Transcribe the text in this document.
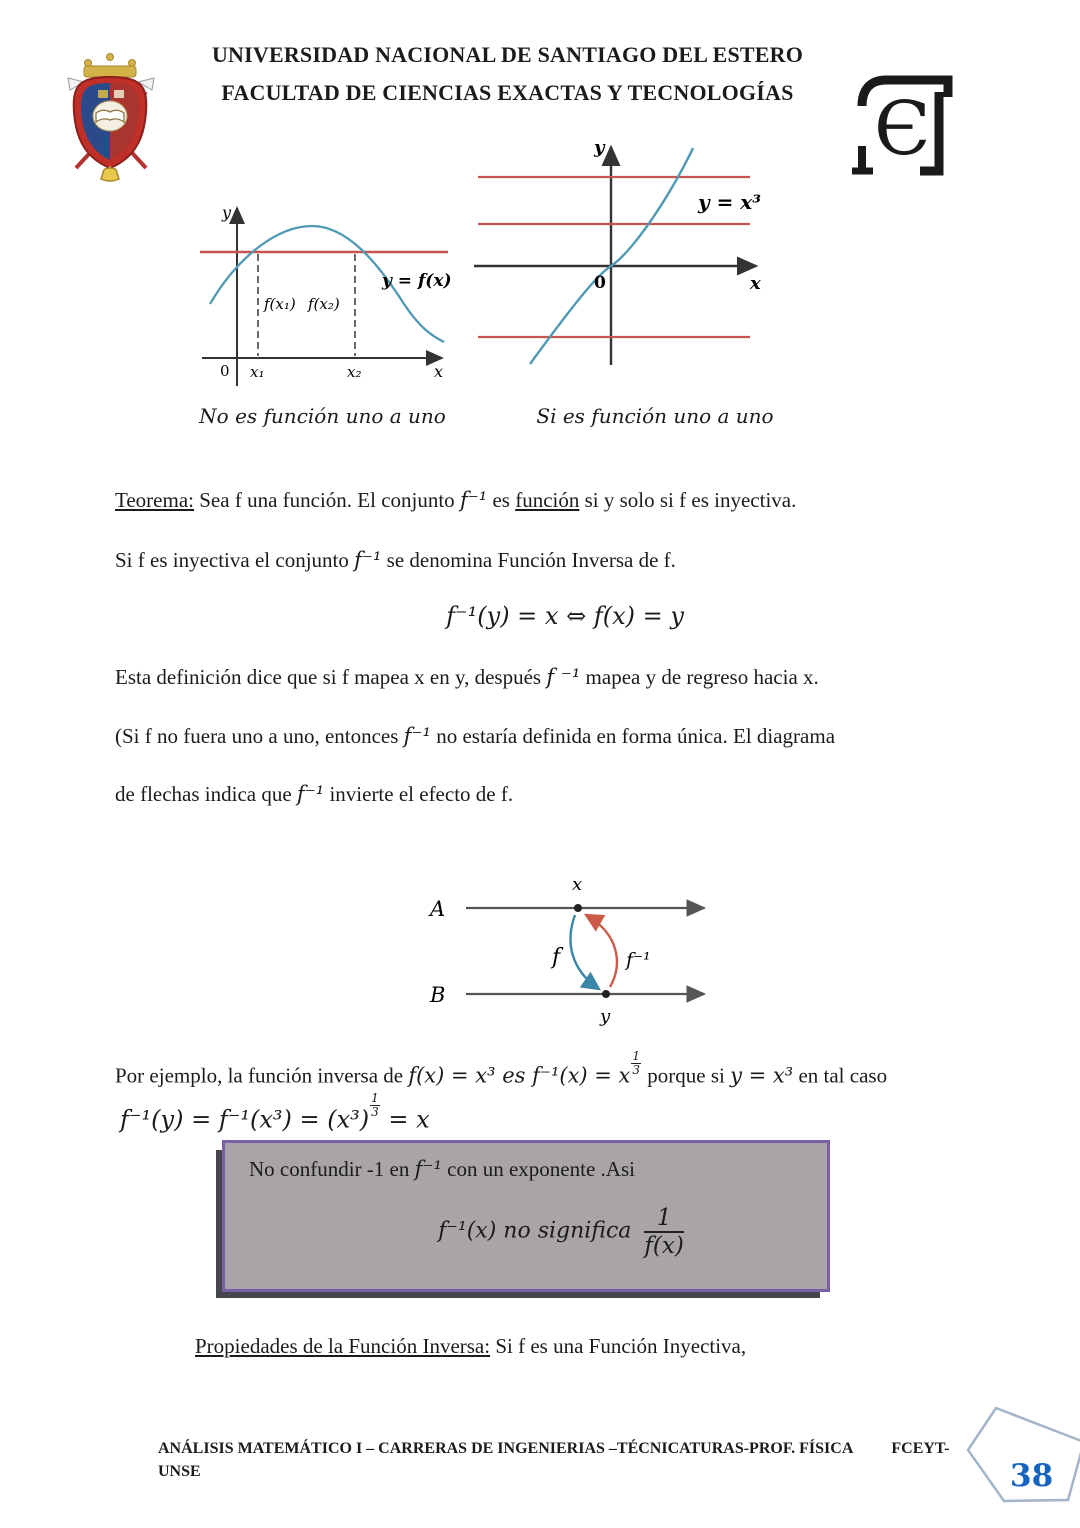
UNIVERSIDAD NACIONAL DE SANTIAGO DEL ESTERO
FACULTAD DE CIENCIAS EXACTAS Y TECNOLOGÍAS	Є
y
0 x₁	x₂	x
f(x₁) f(x₂)
y = f(x)
No es función uno a uno
y
x
0
y = x³
Si es función uno a uno
Teorema: Sea f una función. El conjunto f⁻¹ es función si y solo si f es inyectiva.
Si f es inyectiva el conjunto f⁻¹ se denomina Función Inversa de f.
f⁻¹(y) = x ⇔ f(x) = y
Esta definición dice que si f mapea x en y, después f ⁻¹ mapea y de regreso hacia x.
(Si f no fuera uno a uno, entonces f⁻¹ no estaría definida en forma única. El diagrama
de flechas indica que f⁻¹ invierte el efecto de f.
A
B
x
y
f	f⁻¹
Por ejemplo, la función inversa de f(x) = x³ es f⁻¹(x) = x $\frac{1}{3}$ porque si y = x³ en tal caso
f⁻¹(y) = f⁻¹(x³) = (x³)
$\frac{1}{3} = x$
No confundir -1 en f⁻¹ con un exponente .Asi
f⁻¹(x) no significa $\frac{1}{f(x)}$
Propiedades de la Función Inversa: Si f es una Función Inyectiva,
38
ANÁLISIS MATEMÁTICO I – CARRERAS DE INGENIERIAS –TÉCNICATURAS-PROF. FÍSICA FCEYT-
UNSE
